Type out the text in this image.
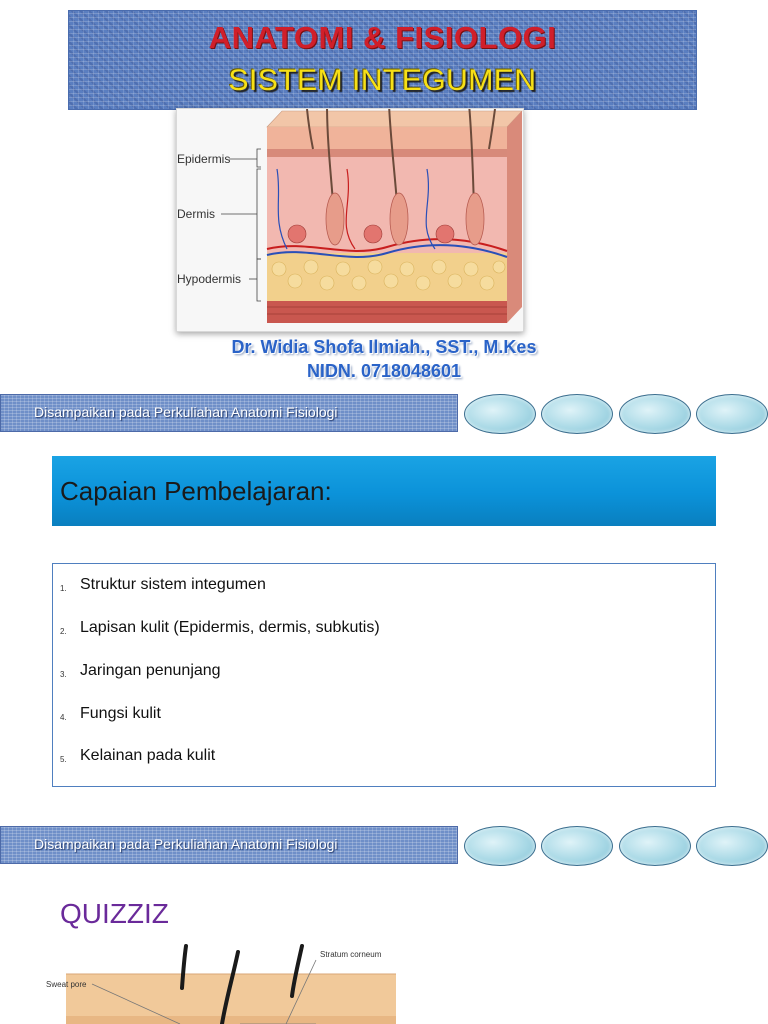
ANATOMI & FISIOLOGI
SISTEM INTEGUMEN
Epidermis
Dermis
Hypodermis
Dr. Widia Shofa Ilmiah., SST., M.Kes
NIDN. 0718048601
Disampaikan pada Perkuliahan Anatomi Fisiologi
Capaian Pembelajaran:
1. Struktur sistem integumen
2. Lapisan kulit (Epidermis, dermis, subkutis)
3. Jaringan penunjang
4. Fungsi kulit
5. Kelainan pada kulit
Disampaikan pada Perkuliahan Anatomi Fisiologi
QUIZZIZ
Sweat pore
Stratum corneum
